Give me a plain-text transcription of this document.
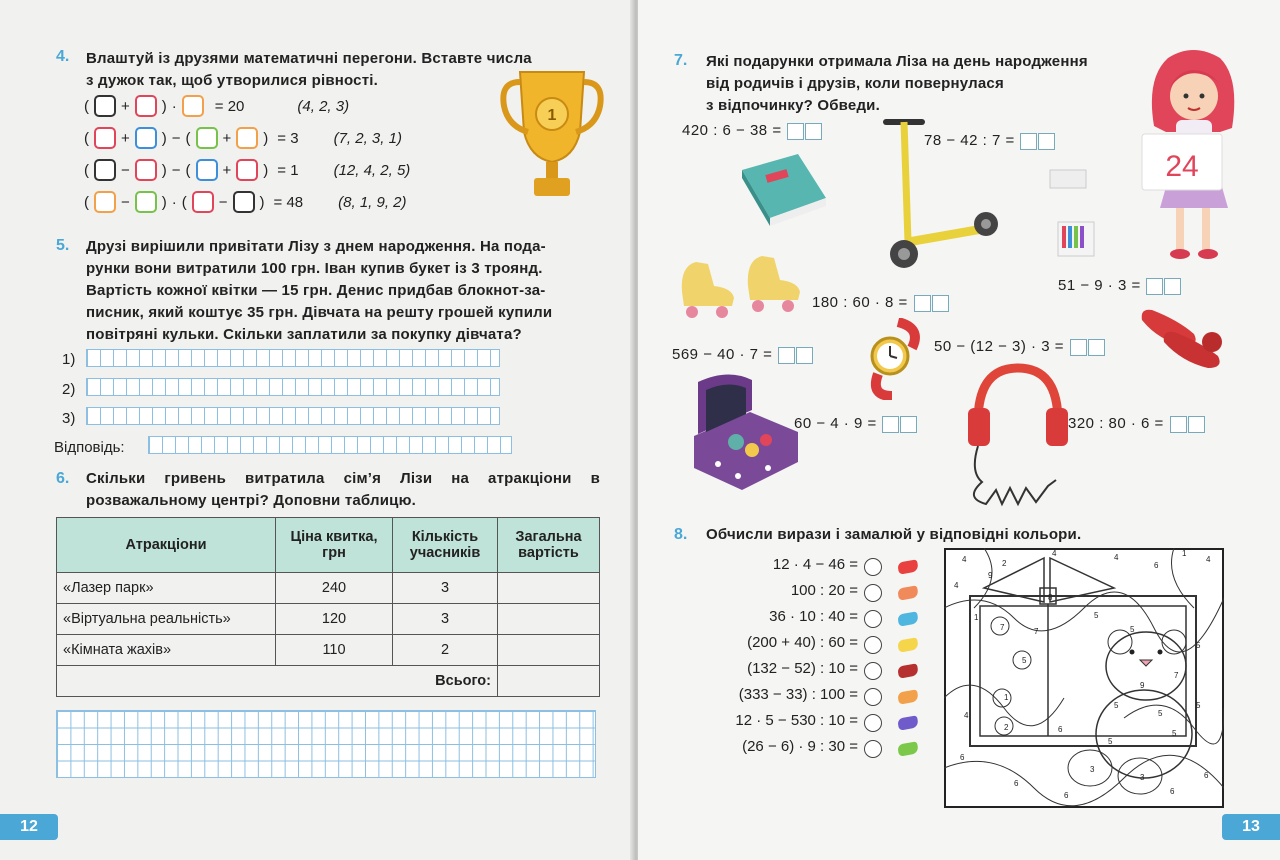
4. Влаштуй із друзями математичні перегони. Вставте числа
з дужок так, щоб утворилися рівності.
( + ) ·	= 20	(4, 2, 3)
( + ) − ( + ) = 3 (7, 2, 3, 1)
( − ) − ( + ) = 1 (12, 4, 2, 5)
( − ) · ( − ) = 48 (8, 1, 9, 2)
1
5. Друзі вирішили привітати Лізу з днем народження. На пода-
рунки вони витратили 100 грн. Іван купив букет із 3 троянд.
Вартість кожної квітки — 15 грн. Денис придбав блокнот-за-
писник, який коштує 35 грн. Дівчата на решту грошей купили
повітряні кульки. Скільки заплатили за покупку дівчата?
1)
2)
3)
Відповідь:
6. Скільки гривень витратила сім’я Лізи на атракціони в
розважальному центрі? Доповни таблицю.
Атракціони	Ціна квитка, грн	Кількість учасників	Загальна вартість
«Лазер парк»	240	3	
«Віртуальна реальність»	120	3	
«Кімната жахів»	110	2	
Всього:			
12
7. Які подарунки отримала Ліза на день народження
від родичів і друзів, коли повернулася
з відпочинку? Обведи.
24
420 : 6 − 38 =
78 − 42 : 7 =
51 − 9 · 3 =
180 : 60 · 8 =
569 − 40 · 7 =	50 − (12 − 3) · 3 =
60 − 4 · 9 =	320 : 80 · 6 =
8. Обчисли вирази і замалюй у відповідні кольори.
12 · 4 − 46 =
100 : 20 =
36 · 10 : 40 =
(200 + 40) : 60 =
(132 − 52) : 10 =
(333 − 33) : 100 =
12 · 5 − 530 : 10 =
(26 − 6) · 9 : 30 =
4	2
4	4
8
6
1
4
4
9
7
1
5
5
5
9
7
2
5
5
1
7
4	5
5
5
5
6
3
3
6
6
6	6
6
13
